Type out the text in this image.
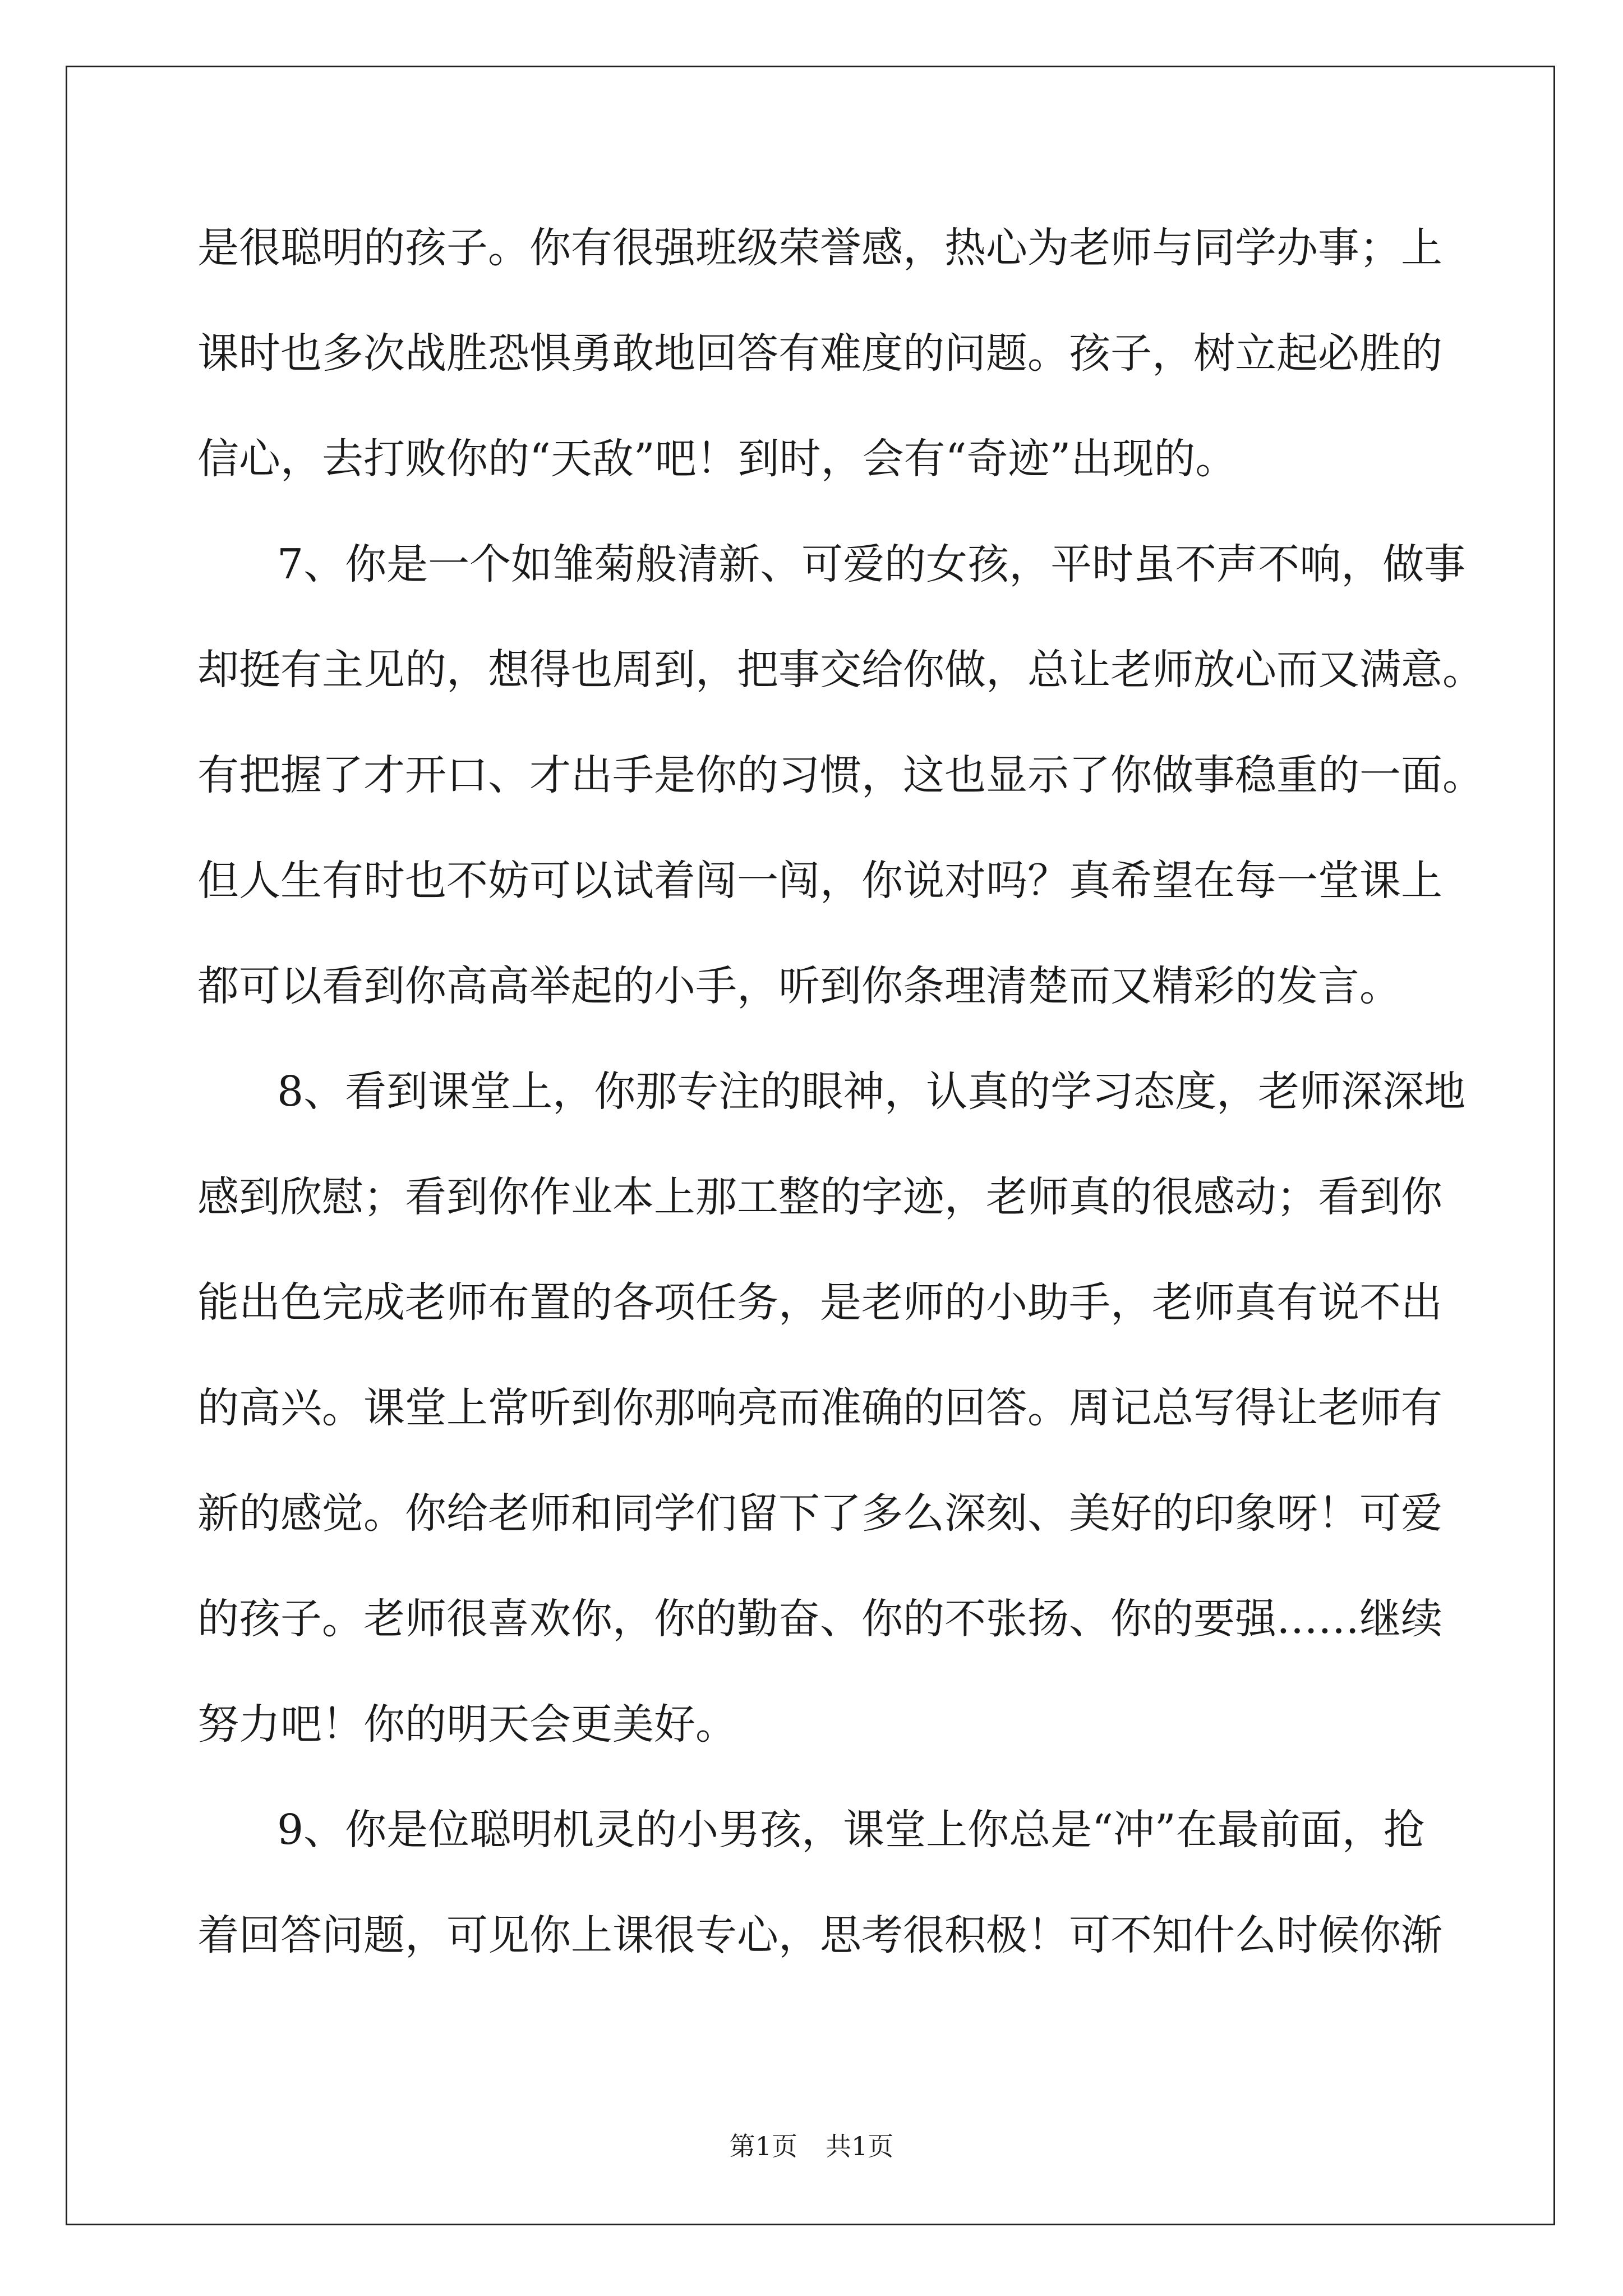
是很聪明的孩子。你有很强班级荣誉感，热心为老师与同学办事；上
课时也多次战胜恐惧勇敢地回答有难度的问题。孩子，树立起必胜的
信心，去打败你的“天敌”吧！到时，会有“奇迹”出现的。
7、你是一个如雏菊般清新、可爱的女孩，平时虽不声不响，做事
却挺有主见的，想得也周到，把事交给你做，总让老师放心而又满意。
有把握了才开口、才出手是你的习惯，这也显示了你做事稳重的一面。
但人生有时也不妨可以试着闯一闯，你说对吗？真希望在每一堂课上
都可以看到你高高举起的小手，听到你条理清楚而又精彩的发言。
8、看到课堂上，你那专注的眼神，认真的学习态度，老师深深地
感到欣慰；看到你作业本上那工整的字迹，老师真的很感动；看到你
能出色完成老师布置的各项任务，是老师的小助手，老师真有说不出
的高兴。课堂上常听到你那响亮而准确的回答。周记总写得让老师有
新的感觉。你给老师和同学们留下了多么深刻、美好的印象呀！可爱
的孩子。老师很喜欢你，你的勤奋、你的不张扬、你的要强……继续
努力吧！你的明天会更美好。
9、你是位聪明机灵的小男孩，课堂上你总是“冲”在最前面，抢
着回答问题，可见你上课很专心，思考很积极！可不知什么时候你渐
第1页 共1页
